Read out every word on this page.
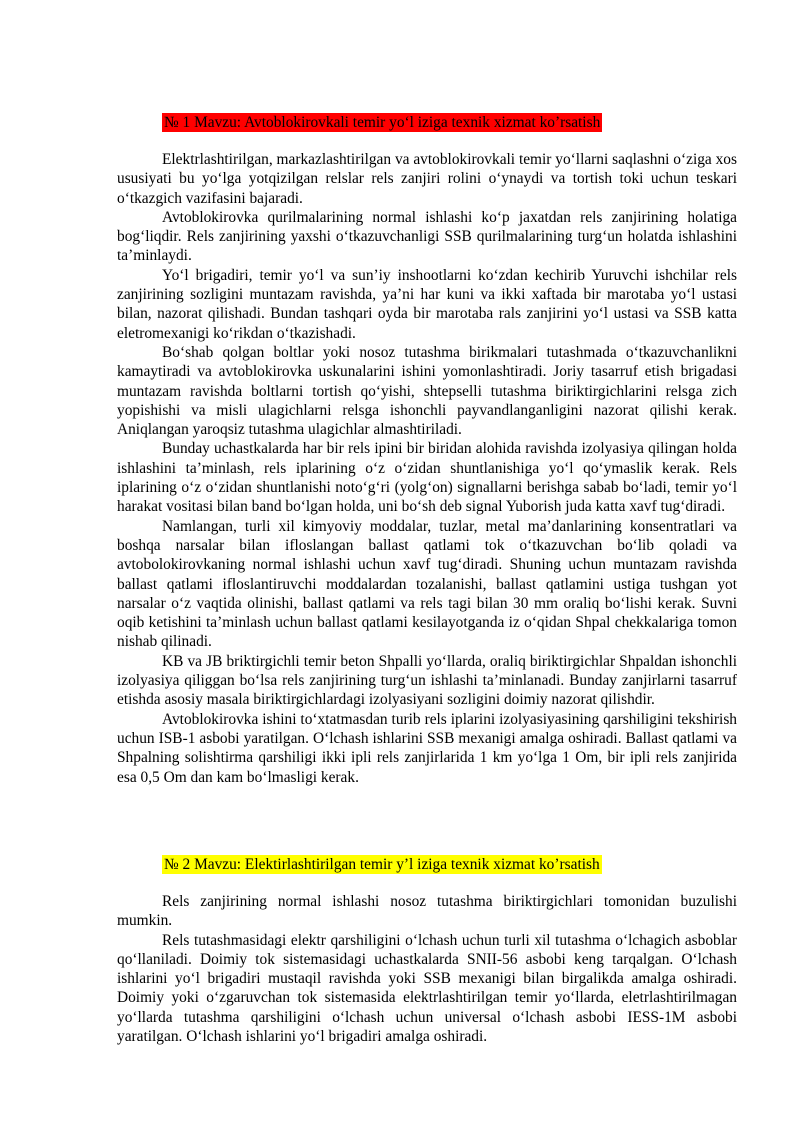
№ 1 Mavzu: Avtoblokirovkali temir yo‘l iziga texnik xizmat ko’rsatish

Elektrlashtirilgan, markazlashtirilgan va avtoblokirovkali temir yo‘llarni saqlashni o‘ziga xos ususiyati bu yo‘lga yotqizilgan relslar rels zanjiri rolini o‘ynaydi va tortish toki uchun teskari o‘tkazgich vazifasini bajaradi.

Avtoblokirovka qurilmalarining normal ishlashi ko‘p jaxatdan rels zanjirining holatiga bog‘liqdir. Rels zanjirining yaxshi o‘tkazuvchanligi SSB qurilmalarining turg‘un holatda ishlashini ta’minlaydi.

Yo‘l brigadiri, temir yo‘l va sun’iy inshootlarni ko‘zdan kechirib Yuruvchi ishchilar rels zanjirining sozligini muntazam ravishda, ya’ni har kuni va ikki xaftada bir marotaba yo‘l ustasi bilan, nazorat qilishadi. Bundan tashqari oyda bir marotaba rals zanjirini yo‘l ustasi va SSB katta eletromexanigi ko‘rikdan o‘tkazishadi.

Bo‘shab qolgan boltlar yoki nosoz tutashma birikmalari tutashmada o‘tkazuvchanlikni kamaytiradi va avtoblokirovka uskunalarini ishini yomonlashtiradi. Joriy tasarruf etish brigadasi muntazam ravishda boltlarni tortish qo‘yishi, shtepselli tutashma biriktirgichlarini relsga zich yopishishi va misli ulagichlarni relsga ishonchli payvandlanganligini nazorat qilishi kerak. Aniqlangan yaroqsiz tutashma ulagichlar almashtiriladi.

Bunday uchastkalarda har bir rels ipini bir biridan alohida ravishda izolyasiya qilingan holda ishlashini ta’minlash, rels iplarining o‘z o‘zidan shuntlanishiga yo‘l qo‘ymaslik kerak. Rels iplarining o‘z o‘zidan shuntlanishi noto‘g‘ri (yolg‘on) signallarni berishga sabab bo‘ladi, temir yo‘l harakat vositasi bilan band bo‘lgan hоlda, uni bo‘sh deb signal Yuborish juda katta xavf tug‘diradi.

Namlangan, turli xil kimyoviy moddalar, tuzlar, metal ma’danlarining konsentratlari va boshqa narsalar bilan ifloslangan ballast qatlami tok o‘tkazuvchan bo‘lib qoladi va avtobolokirovkaning normal ishlashi uchun xavf tug‘diradi. Shuning uchun muntazam ravishda ballast qatlami ifloslantiruvchi moddalardan tozalanishi, ballast qatlamini ustiga tushgan yot narsalar o‘z vaqtida olinishi, ballast qatlami va rels tagi bilan 30 mm oraliq bo‘lishi kerak. Suvni oqib ketishini ta’minlash uchun ballast qatlami kesilayotganda iz o‘qidan Shpal chekkalariga tomon nishab qilinadi.

KB va JB briktirgichli temir beton Shpalli yo‘llarda, oraliq biriktirgichlar Shpaldan ishonchli izolyasiya qiliggan bo‘lsa rels zanjirining turg‘un ishlashi ta’minlanadi. Bunday zanjirlarni tasarruf etishda asosiy masala biriktirgichlardagi izolyasiyani sozligini doimiy nazorat qilishdir.

Avtoblokirovka ishini to‘xtatmasdan turib rels iplarini izolyasiyasining qarshiligini tekshirish uchun ISB-1 asbobi yaratilgan. O‘lchash ishlarini SSB mexanigi amalga oshiradi. Ballast qatlami va Shpalning solishtirma qarshiligi ikki ipli rels zanjirlarida 1 km yo‘lga 1 Om, bir ipli rels zanjirida esa 0,5 Om dan kam bo‘lmasligi kerak.

№ 2 Mavzu: Elektirlashtirilgan temir y’l iziga texnik xizmat ko’rsatish

Rels zanjirining normal ishlashi nosoz tutashma biriktirgichlari tomonidan buzulishi mumkin.

Rels tutashmasidagi elektr qarshiligini o‘lchash uchun turli xil tutashma o‘lchagich asboblar qo‘llaniladi. Doimiy tok sistemasidagi uchastkalarda SNII-56 asbobi keng tarqalgan. O‘lchash ishlarini yo‘l brigadiri mustaqil ravishda yoki SSB mexanigi bilan birgalikda amalga oshiradi. Doimiy yoki o‘zgaruvchan tok sistemasida elektrlashtirilgan temir yo‘llarda, eletrlashtirilmagan yo‘llarda tutashma qarshiligini o‘lchash uchun universal o‘lchash asbobi IESS-1M asbobi yaratilgan. O‘lchash ishlarini yo‘l brigadiri amalga oshiradi.
